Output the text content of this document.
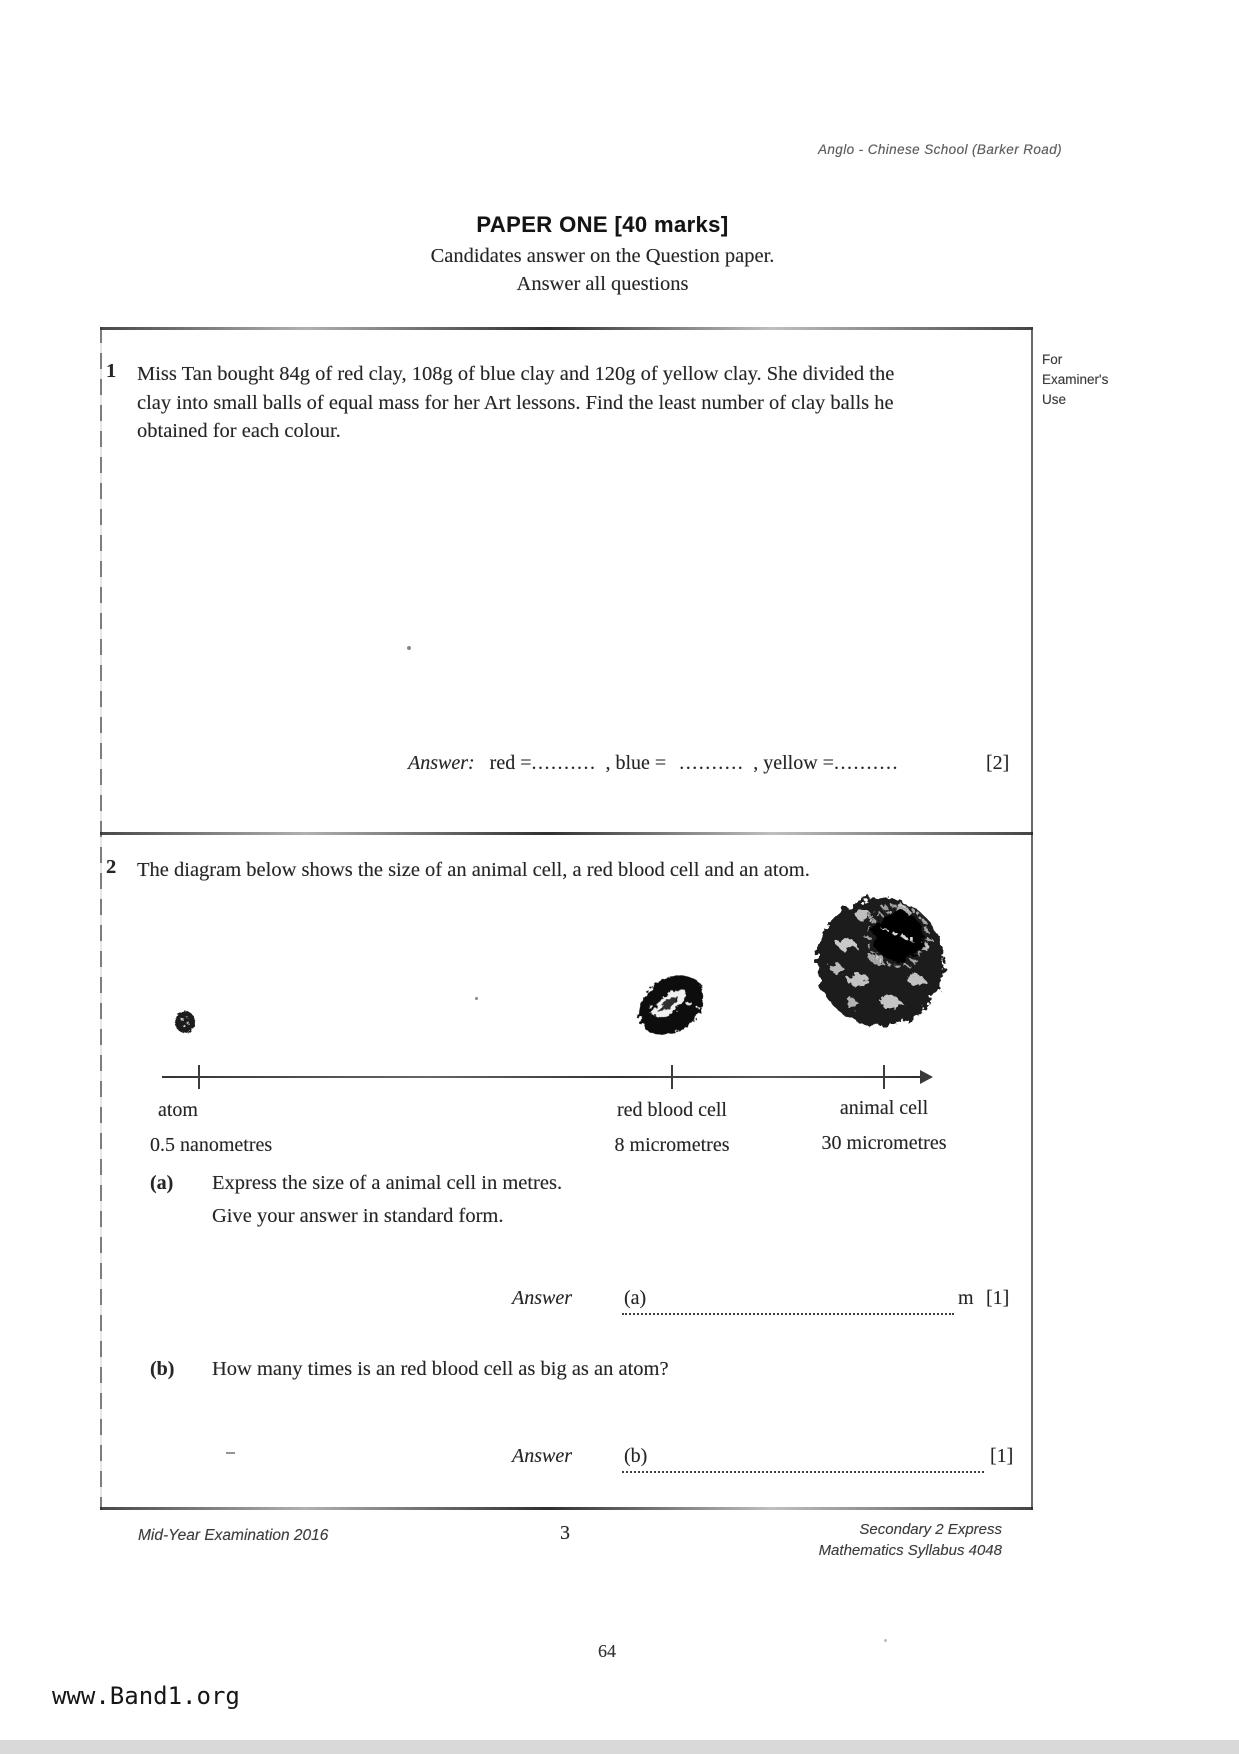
Anglo - Chinese School (Barker Road)
PAPER ONE [40 marks]
Candidates answer on the Question paper.
Answer all questions
For
Examiner's
Use
1 Miss Tan bought 84g of red clay, 108g of blue clay and 120g of yellow clay. She divided the clay into small balls of equal mass for her Art lessons. Find the least number of clay balls he obtained for each colour.
Answer: red =.......... , blue = .......... , yellow =..........	[2]
2 The diagram below shows the size of an animal cell, a red blood cell and an atom.
atom
0.5 nanometres
red blood cell
8 micrometres
animal cell
30 micrometres
(a) Express the size of a animal cell in metres.
Give your answer in standard form.
Answer	(a)	m [1]
(b) How many times is an red blood cell as big as an atom?
Answer	(b)	[1]
Mid-Year Examination 2016	3	Secondary 2 Express
Mathematics Syllabus 4048
64
www.Band1.org
